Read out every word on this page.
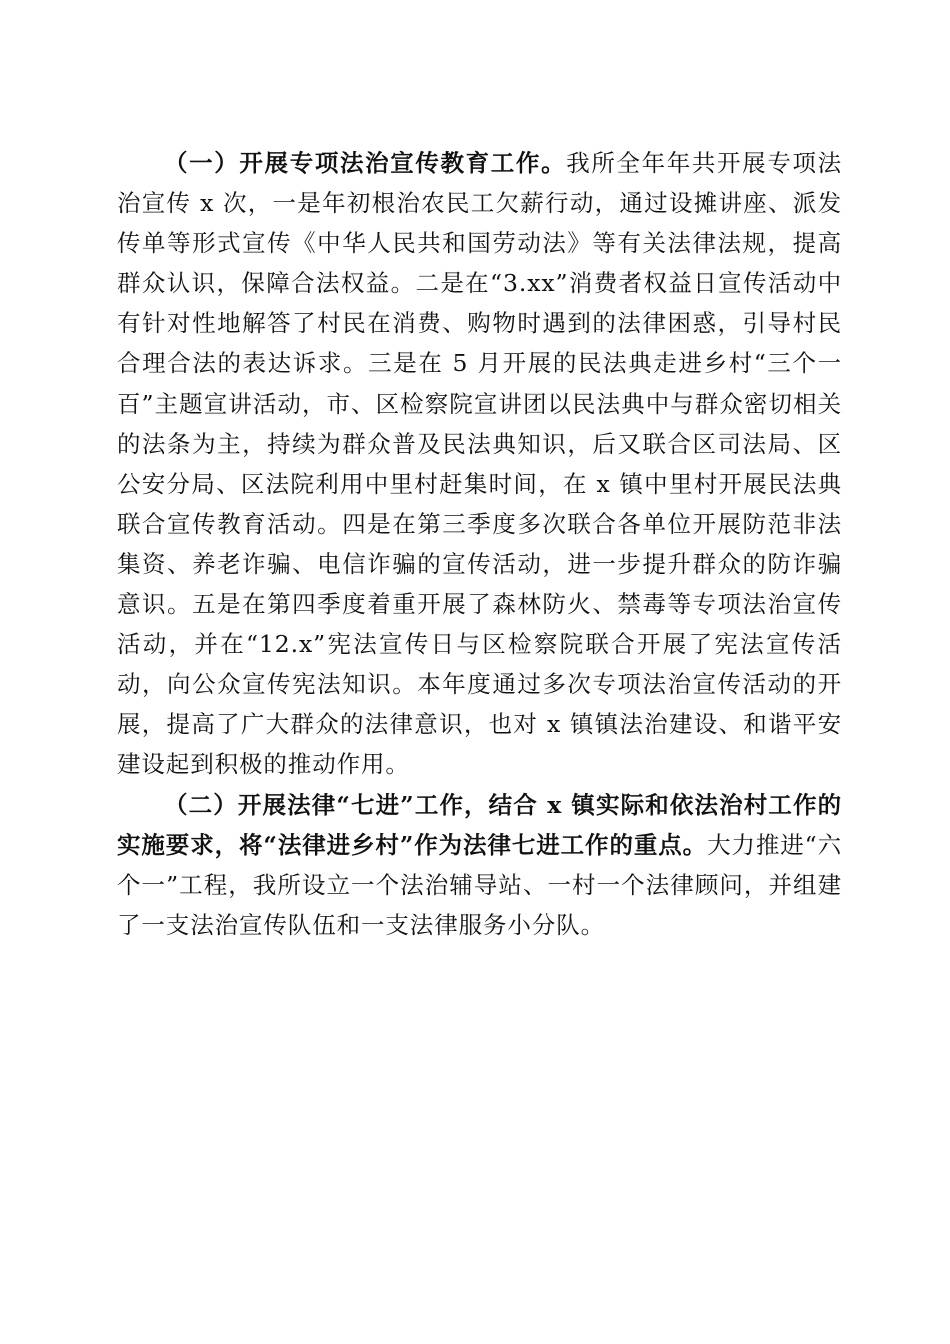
（一）开展专项法治宣传教育工作。我所全年年共开展专项法治宣传 x 次，一是年初根治农民工欠薪行动，通过设摊讲座、派发传单等形式宣传《中华人民共和国劳动法》等有关法律法规，提高群众认识，保障合法权益。二是在“3.xx”消费者权益日宣传活动中有针对性地解答了村民在消费、购物时遇到的法律困惑，引导村民合理合法的表达诉求。三是在 5 月开展的民法典走进乡村“三个一百”主题宣讲活动，市、区检察院宣讲团以民法典中与群众密切相关的法条为主，持续为群众普及民法典知识，后又联合区司法局、区公安分局、区法院利用中里村赶集时间，在 x 镇中里村开展民法典联合宣传教育活动。四是在第三季度多次联合各单位开展防范非法集资、养老诈骗、电信诈骗的宣传活动，进一步提升群众的防诈骗意识。五是在第四季度着重开展了森林防火、禁毒等专项法治宣传活动，并在“12.x”宪法宣传日与区检察院联合开展了宪法宣传活动，向公众宣传宪法知识。本年度通过多次专项法治宣传活动的开展，提高了广大群众的法律意识，也对 x 镇镇法治建设、和谐平安建设起到积极的推动作用。

（二）开展法律“七进”工作，结合 x 镇实际和依法治村工作的实施要求，将“法律进乡村”作为法律七进工作的重点。大力推进“六个一”工程，我所设立一个法治辅导站、一村一个法律顾问，并组建了一支法治宣传队伍和一支法律服务小分队。
